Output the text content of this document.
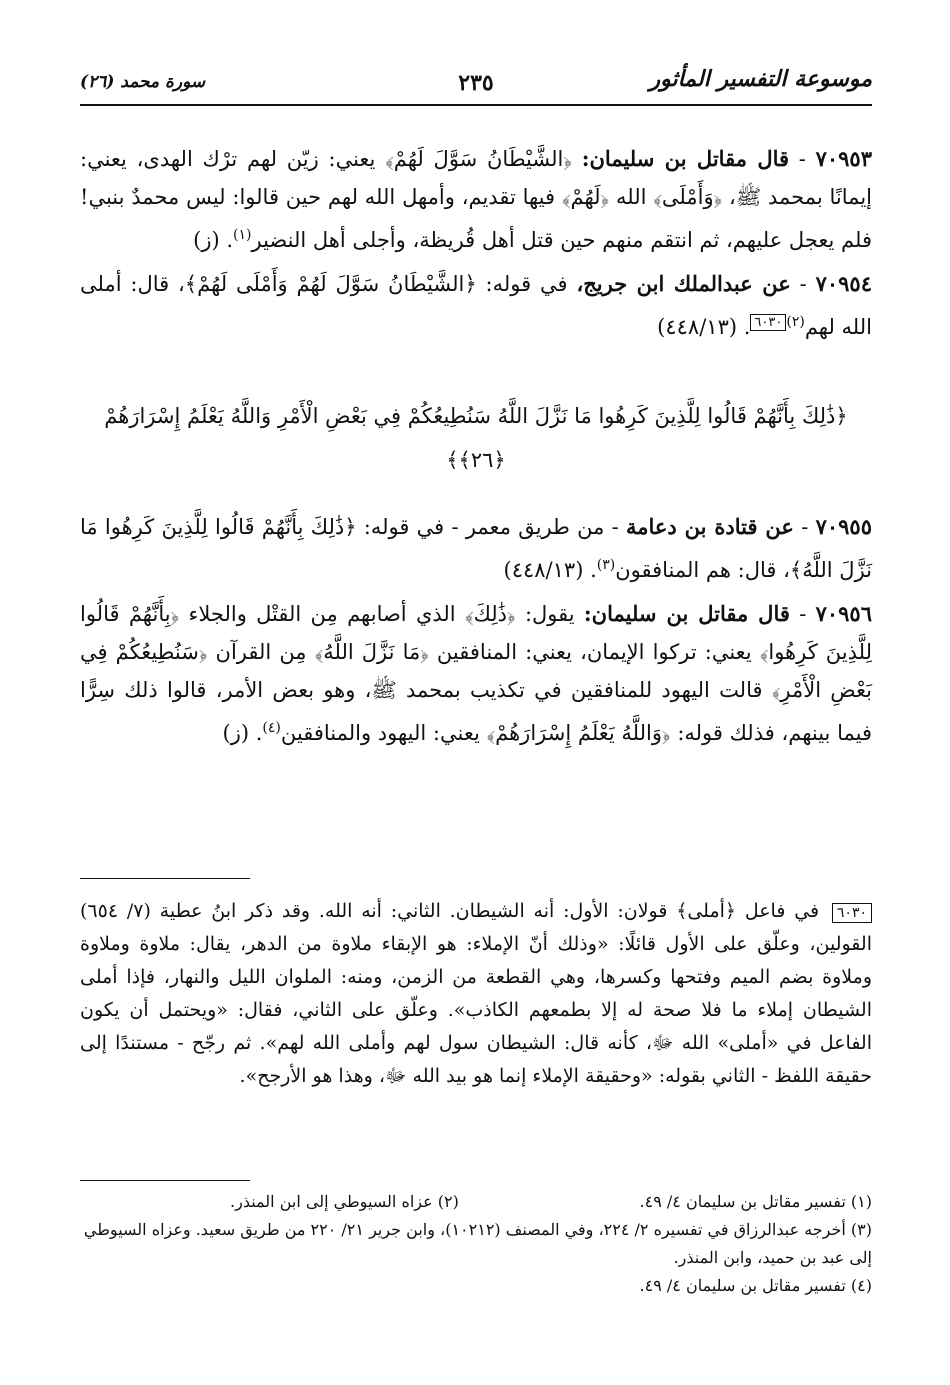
موسوعة التفسير المأثور
٢٣٥
سورة محمد (٢٦)

٧٠٩٥٣ - قال مقاتل بن سليمان: ﴿الشَّيْطَانُ سَوَّلَ لَهُمْ﴾ يعني: زيّن لهم ترْك الهدى، يعني: إيمانًا بمحمد ﷺ، ﴿وَأَمْلَى﴾ الله ﴿لَهُمْ﴾ فيها تقديم، وأمهل الله لهم حين قالوا: ليس محمدٌ بنبي! فلم يعجل عليهم، ثم انتقم منهم حين قتل أهل قُريظة، وأجلى أهل النضير$^{(١)}$. (ز)

٧٠٩٥٤ - عن عبدالملك ابن جريج، في قوله: ﴿الشَّيْطَانُ سَوَّلَ لَهُمْ وَأَمْلَى لَهُمْ﴾، قال: أملى الله لهم$^{(٢)٦٠٣٠}$. (٤٤٨/١٣)

﴿ذَٰلِكَ بِأَنَّهُمْ قَالُوا لِلَّذِينَ كَرِهُوا مَا نَزَّلَ اللَّهُ سَنُطِيعُكُمْ فِي بَعْضِ الْأَمْرِ وَاللَّهُ يَعْلَمُ إِسْرَارَهُمْ ﴿٢٦﴾﴾

٧٠٩٥٥ - عن قتادة بن دعامة - من طريق معمر - في قوله: ﴿ذَٰلِكَ بِأَنَّهُمْ قَالُوا لِلَّذِينَ كَرِهُوا مَا نَزَّلَ اللَّهُ﴾، قال: هم المنافقون$^{(٣)}$. (٤٤٨/١٣)

٧٠٩٥٦ - قال مقاتل بن سليمان: يقول: ﴿ذَٰلِكَ﴾ الذي أصابهم مِن القتْل والجلاء ﴿بِأَنَّهُمْ قَالُوا لِلَّذِينَ كَرِهُوا﴾ يعني: تركوا الإيمان، يعني: المنافقين ﴿مَا نَزَّلَ اللَّهُ﴾ مِن القرآن ﴿سَنُطِيعُكُمْ فِي بَعْضِ الْأَمْرِ﴾ قالت اليهود للمنافقين في تكذيب بمحمد ﷺ، وهو بعض الأمر، قالوا ذلك سِرًّا فيما بينهم، فذلك قوله: ﴿وَاللَّهُ يَعْلَمُ إِسْرَارَهُمْ﴾ يعني: اليهود والمنافقين$^{(٤)}$. (ز)

٦٠٣٠ في فاعل ﴿أملى﴾ قولان: الأول: أنه الشيطان. الثاني: أنه الله. وقد ذكر ابنُ عطية (٧/ ٦٥٤) القولين، وعلّق على الأول قائلًا: «وذلك أنّ الإملاء: هو الإبقاء ملاوة من الدهر، يقال: ملاوة وملاوة وملاوة بضم الميم وفتحها وكسرها، وهي القطعة من الزمن، ومنه: الملوان الليل والنهار، فإذا أملى الشيطان إملاء ما فلا صحة له إلا بطمعهم الكاذب». وعلّق على الثاني، فقال: «ويحتمل أن يكون الفاعل في «أملى» الله ﷻ، كأنه قال: الشيطان سول لهم وأملى الله لهم». ثم رجّح - مستندًا إلى حقيقة اللفظ - الثاني بقوله: «وحقيقة الإملاء إنما هو بيد الله ﷻ، وهذا هو الأرجح».
(١) تفسير مقاتل بن سليمان ٤/ ٤٩.
(٢) عزاه السيوطي إلى ابن المنذر.
(٣) أخرجه عبدالرزاق في تفسيره ٢/ ٢٢٤، وفي المصنف (١٠٢١٢)، وابن جرير ٢١/ ٢٢٠ من طريق سعيد. وعزاه السيوطي إلى عبد بن حميد، وابن المنذر.
(٤) تفسير مقاتل بن سليمان ٤/ ٤٩.
